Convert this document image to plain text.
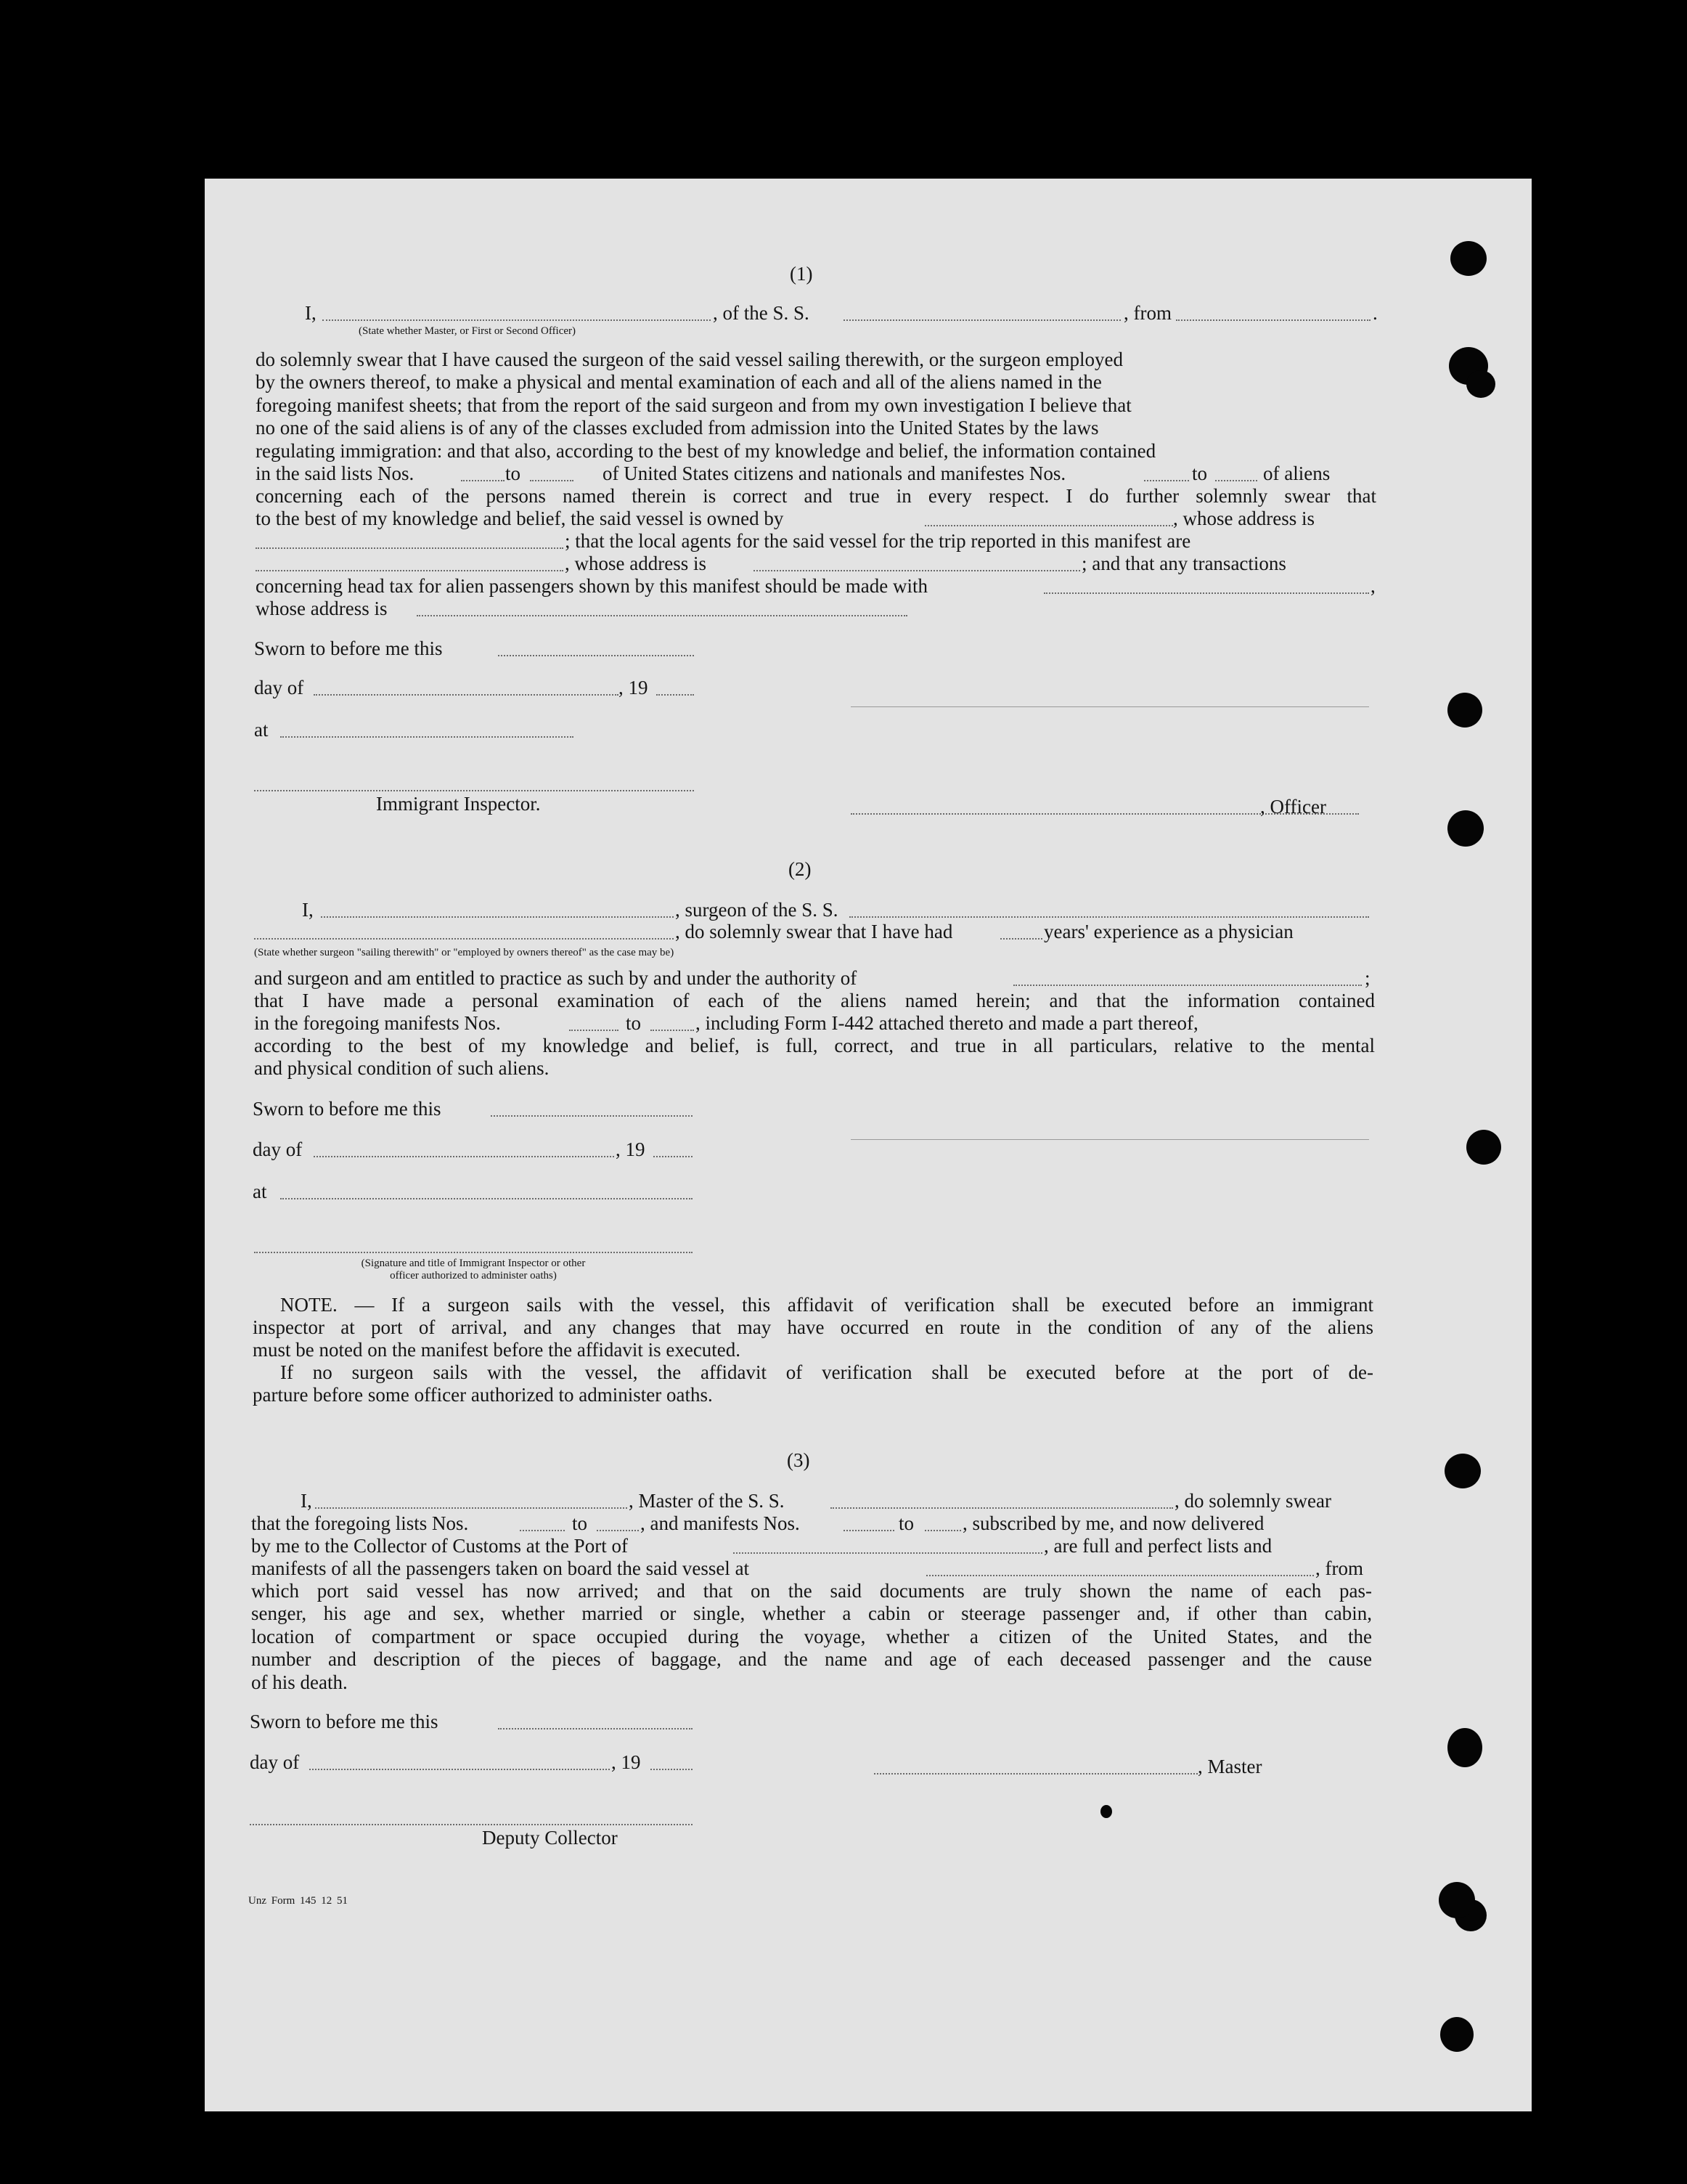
(1)
I,	, of the S. S.	, from	.
(State whether Master, or First or Second Officer)

do solemnly swear that I have caused the surgeon of the said vessel sailing therewith, or the surgeon employed

by the owners thereof, to make a physical and mental examination of each and all of the aliens named in the

foregoing manifest sheets; that from the report of the said surgeon and from my own investigation I believe that

no one of the said aliens is of any of the classes excluded from admission into the United States by the laws

regulating immigration: and that also, according to the best of my knowledge and belief, the information contained

in the said lists Nos.	to	of United States citizens and nationals and manifestes Nos.	to	of aliens
concerning each of the persons named therein is correct and true in every respect. I do further solemnly swear that
to the best of my knowledge and belief, the said vessel is owned by	, whose address is
; that the local agents for the said vessel for the trip reported in this manifest are
, whose address is	; and that any transactions
concerning head tax for alien passengers shown by this manifest should be made with	,
whose address is
Sworn to before me this
day of	, 19
at
Immigrant Inspector.	, Officer
(2)
I,	, surgeon of the S. S.
, do solemnly swear that I have had	years' experience as a physician
(State whether surgeon "sailing therewith" or "employed by owners thereof" as the case may be)
and surgeon and am entitled to practice as such by and under the authority of	;
that I have made a personal examination of each of the aliens named herein; and that the information contained
in the foregoing manifests Nos.	to	, including Form I-442 attached thereto and made a part thereof,
according to the best of my knowledge and belief, is full, correct, and true in all particulars, relative to the mental
and physical condition of such aliens.
Sworn to before me this
day of	, 19
at
(Signature and title of Immigrant Inspector or other
officer authorized to administer oaths)
NOTE. — If a surgeon sails with the vessel, this affidavit of verification shall be executed before an immigrant
inspector at port of arrival, and any changes that may have occurred en route in the condition of any of the aliens
must be noted on the manifest before the affidavit is executed.
If no surgeon sails with the vessel, the affidavit of verification shall be executed before at the port of de-
parture before some officer authorized to administer oaths.
(3)
I,	, Master of the S. S.	, do solemnly swear
that the foregoing lists Nos.	to	, and manifests Nos.	to , subscribed by me, and now delivered
by me to the Collector of Customs at the Port of	, are full and perfect lists and
manifests of all the passengers taken on board the said vessel at	, from

which port said vessel has now arrived; and that on the said documents are truly shown the name of each pas-

senger, his age and sex, whether married or single, whether a cabin or steerage passenger and, if other than cabin,

location of compartment or space occupied during the voyage, whether a citizen of the United States, and the

number and description of the pieces of baggage, and the name and age of each deceased passenger and the cause

of his death.

Sworn to before me this
day of	, 19	, Master
Deputy Collector
Unz Form 145 12 51
